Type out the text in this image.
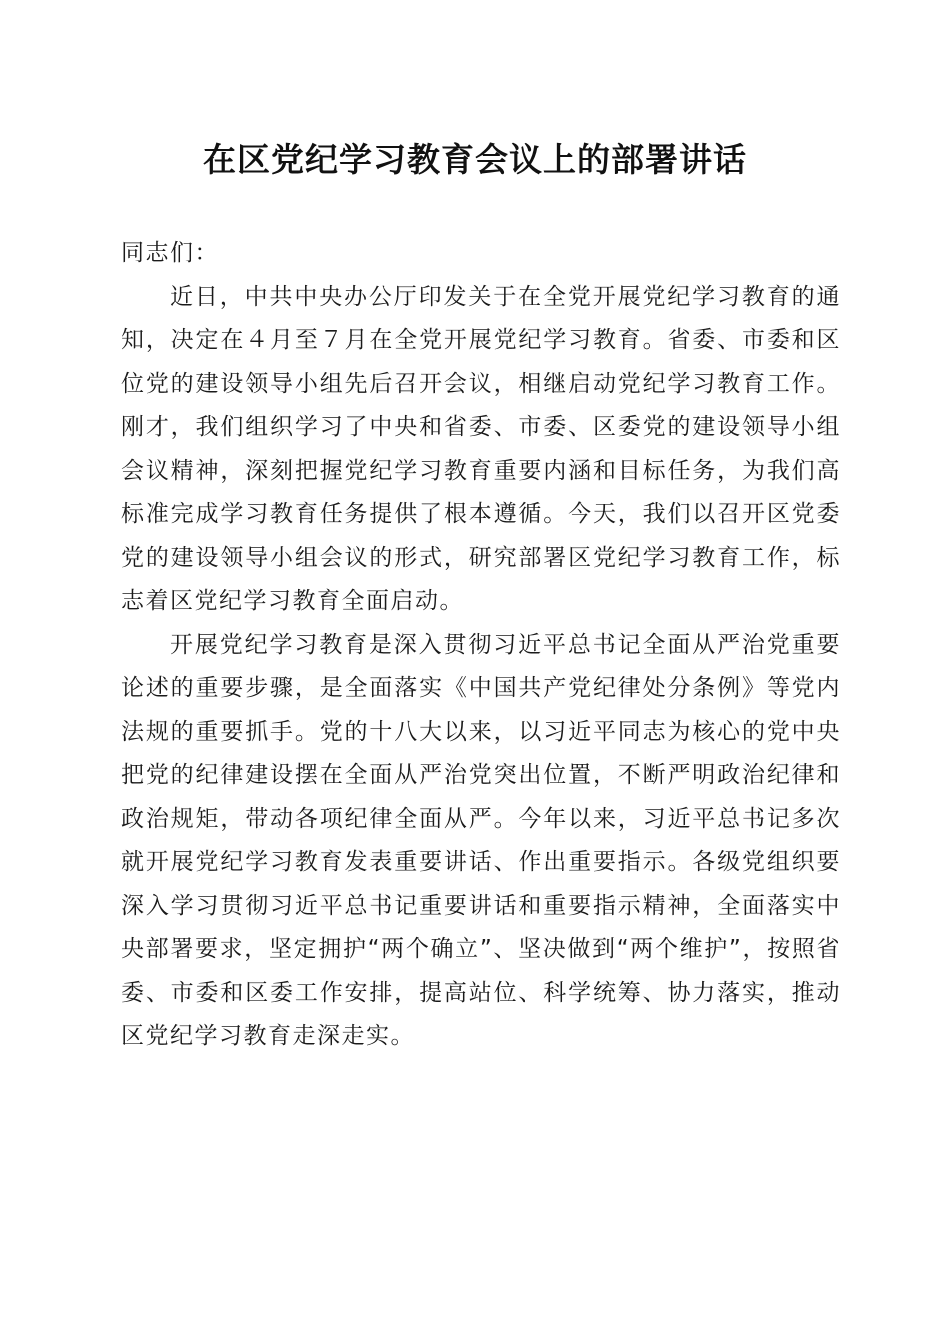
在区党纪学习教育会议上的部署讲话

同志们：

近日，中共中央办公厅印发关于在全党开展党纪学习教育的通知，决定在４月至７月在全党开展党纪学习教育。省委、市委和区位党的建设领导小组先后召开会议，相继启动党纪学习教育工作。刚才，我们组织学习了中央和省委、市委、区委党的建设领导小组会议精神，深刻把握党纪学习教育重要内涵和目标任务，为我们高标准完成学习教育任务提供了根本遵循。今天，我们以召开区党委党的建设领导小组会议的形式，研究部署区党纪学习教育工作，标志着区党纪学习教育全面启动。

开展党纪学习教育是深入贯彻习近平总书记全面从严治党重要论述的重要步骤，是全面落实《中国共产党纪律处分条例》等党内法规的重要抓手。党的十八大以来，以习近平同志为核心的党中央把党的纪律建设摆在全面从严治党突出位置，不断严明政治纪律和政治规矩，带动各项纪律全面从严。今年以来，习近平总书记多次就开展党纪学习教育发表重要讲话、作出重要指示。各级党组织要深入学习贯彻习近平总书记重要讲话和重要指示精神，全面落实中央部署要求，坚定拥护“两个确立”、坚决做到“两个维护”，按照省委、市委和区委工作安排，提高站位、科学统筹、协力落实，推动区党纪学习教育走深走实。
